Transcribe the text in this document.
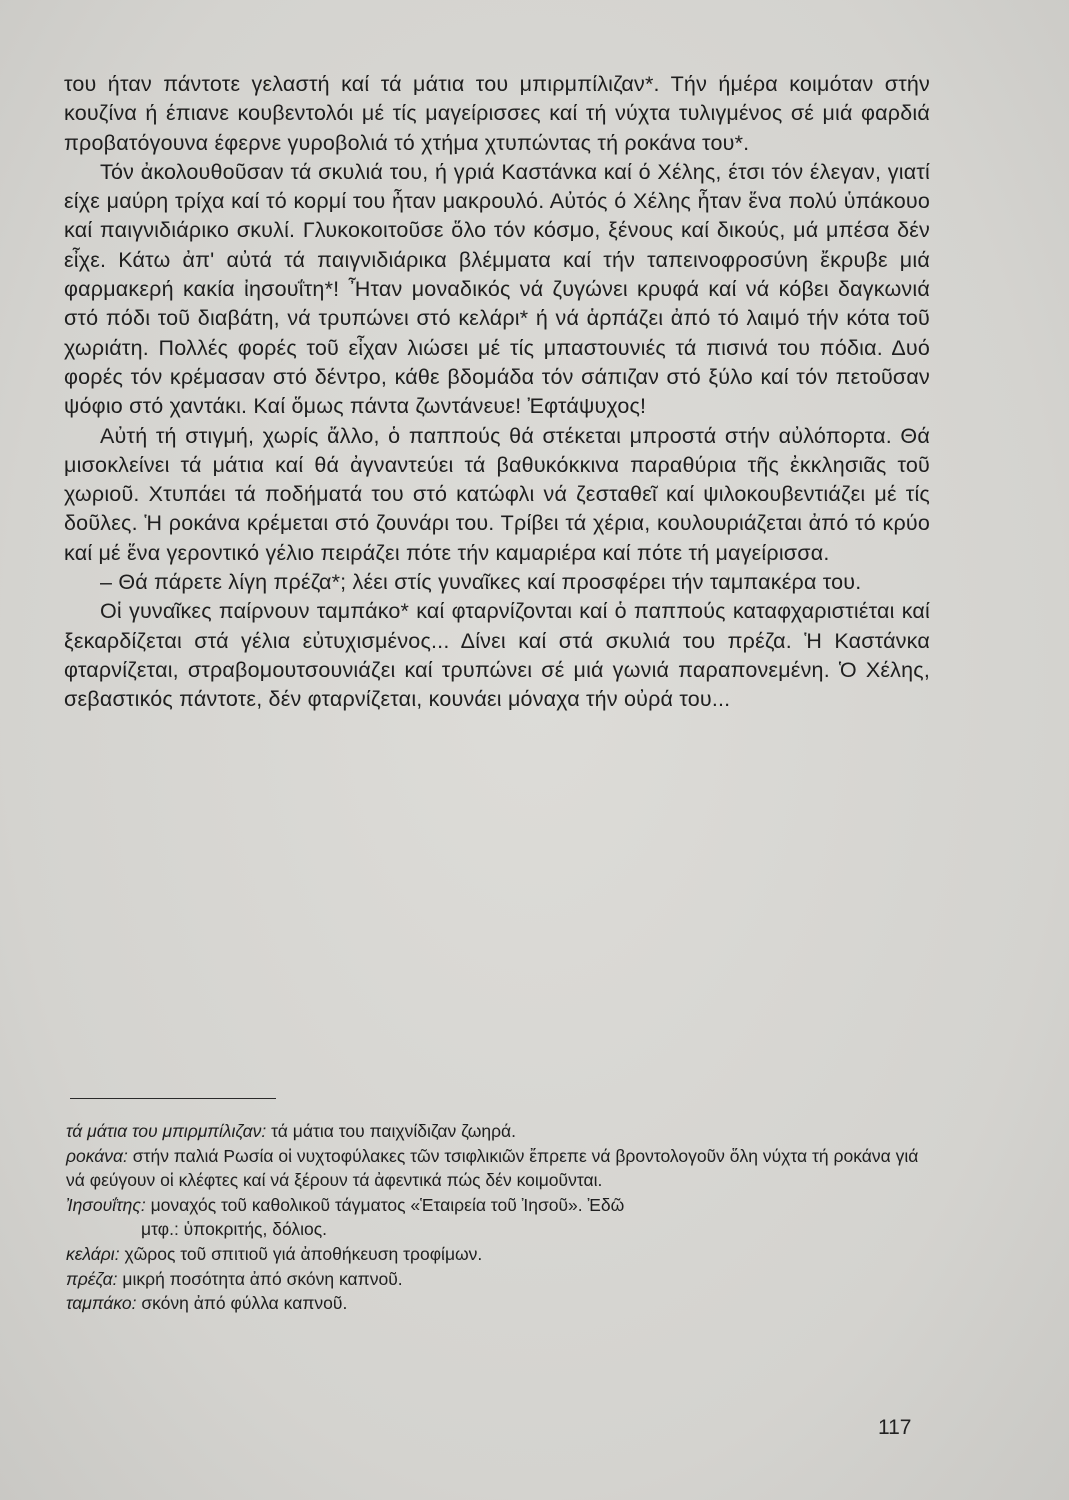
του ήταν πάντοτε γελαστή καί τά μάτια του μπιρμπίλιζαν*. Τήν ήμέρα κοιμόταν στήν κουζίνα ή έπιανε κουβεντολόι μέ τίς μαγείρισσες καί τή νύχτα τυλιγμένος σέ μιά φαρδιά προβατόγουνα έφερνε γυροβολιά τό χτήμα χτυπώντας τή ροκάνα του*.

Τόν ἀκολουθοῦσαν τά σκυλιά του, ή γριά Καστάνκα καί ό Χέλης, έτσι τόν έλεγαν, γιατί είχε μαύρη τρίχα καί τό κορμί του ἦταν μακρουλό. Αὐτός ό Χέλης ἦταν ἕνα πολύ ὑπάκουο καί παιγνιδιάρικο σκυλί. Γλυκοκοιτοῦσε ὅλο τόν κόσμο, ξένους καί δικούς, μά μπέσα δέν εἶχε. Κάτω ἀπ' αὐτά τά παιγνιδιάρικα βλέμματα καί τήν ταπεινοφροσύνη ἔκρυβε μιά φαρμακερή κακία ἰησουΐτη*! Ἦταν μοναδικός νά ζυγώνει κρυφά καί νά κόβει δαγκωνιά στό πόδι τοῦ διαβάτη, νά τρυπώνει στό κελάρι* ή νά ἁρπάζει ἀπό τό λαιμό τήν κότα τοῦ χωριάτη. Πολλές φορές τοῦ εἶχαν λιώσει μέ τίς μπαστουνιές τά πισινά του πόδια. Δυό φορές τόν κρέμασαν στό δέντρο, κάθε βδομάδα τόν σάπιζαν στό ξύλο καί τόν πετοῦσαν ψόφιο στό χαντάκι. Καί ὅμως πάντα ζωντάνευε! Ἐφτάψυχος!

Αὐτή τή στιγμή, χωρίς ἄλλο, ὁ παππούς θά στέκεται μπροστά στήν αὐλόπορτα. Θά μισοκλείνει τά μάτια καί θά ἀγναντεύει τά βαθυκόκκινα παραθύρια τῆς ἐκκλησιᾶς τοῦ χωριοῦ. Χτυπάει τά ποδήματά του στό κατώφλι νά ζεσταθεῖ καί ψιλοκουβεντιάζει μέ τίς δοῦλες. Ἡ ροκάνα κρέμεται στό ζουνάρι του. Τρίβει τά χέρια, κουλουριάζεται ἀπό τό κρύο καί μέ ἕνα γεροντικό γέλιο πειράζει πότε τήν καμαριέρα καί πότε τή μαγείρισσα.

– Θά πάρετε λίγη πρέζα*; λέει στίς γυναῖκες καί προσφέρει τήν ταμπακέρα του.

Οἱ γυναῖκες παίρνουν ταμπάκο* καί φταρνίζονται καί ὁ παππούς καταφχαριστιέται καί ξεκαρδίζεται στά γέλια εὐτυχισμένος... Δίνει καί στά σκυλιά του πρέζα. Ἡ Καστάνκα φταρνίζεται, στραβομουτσουνιάζει καί τρυπώνει σέ μιά γωνιά παραπονεμένη. Ὁ Χέλης, σεβαστικός πάντοτε, δέν φταρνίζεται, κουνάει μόναχα τήν οὐρά του...

τά μάτια του μπιρμπίλιζαν: τά μάτια του παιχνίδιζαν ζωηρά.

ροκάνα: στήν παλιά Ρωσία οἱ νυχτοφύλακες τῶν τσιφλικιῶν ἔπρεπε νά βροντολογοῦν ὅλη νύχτα τή ροκάνα γιά νά φεύγουν οἱ κλέφτες καί νά ξέρουν τά ἀφεντικά πώς δέν κοιμοῦνται.

Ἰησουΐτης: μοναχός τοῦ καθολικοῦ τάγματος «Ἑταιρεία τοῦ Ἰησοῦ». Ἐδῶ

μτφ.: ὑποκριτής, δόλιος.

κελάρι: χῶρος τοῦ σπιτιοῦ γιά ἀποθήκευση τροφίμων.

πρέζα: μικρή ποσότητα ἀπό σκόνη καπνοῦ.

ταμπάκο: σκόνη ἀπό φύλλα καπνοῦ.

117
